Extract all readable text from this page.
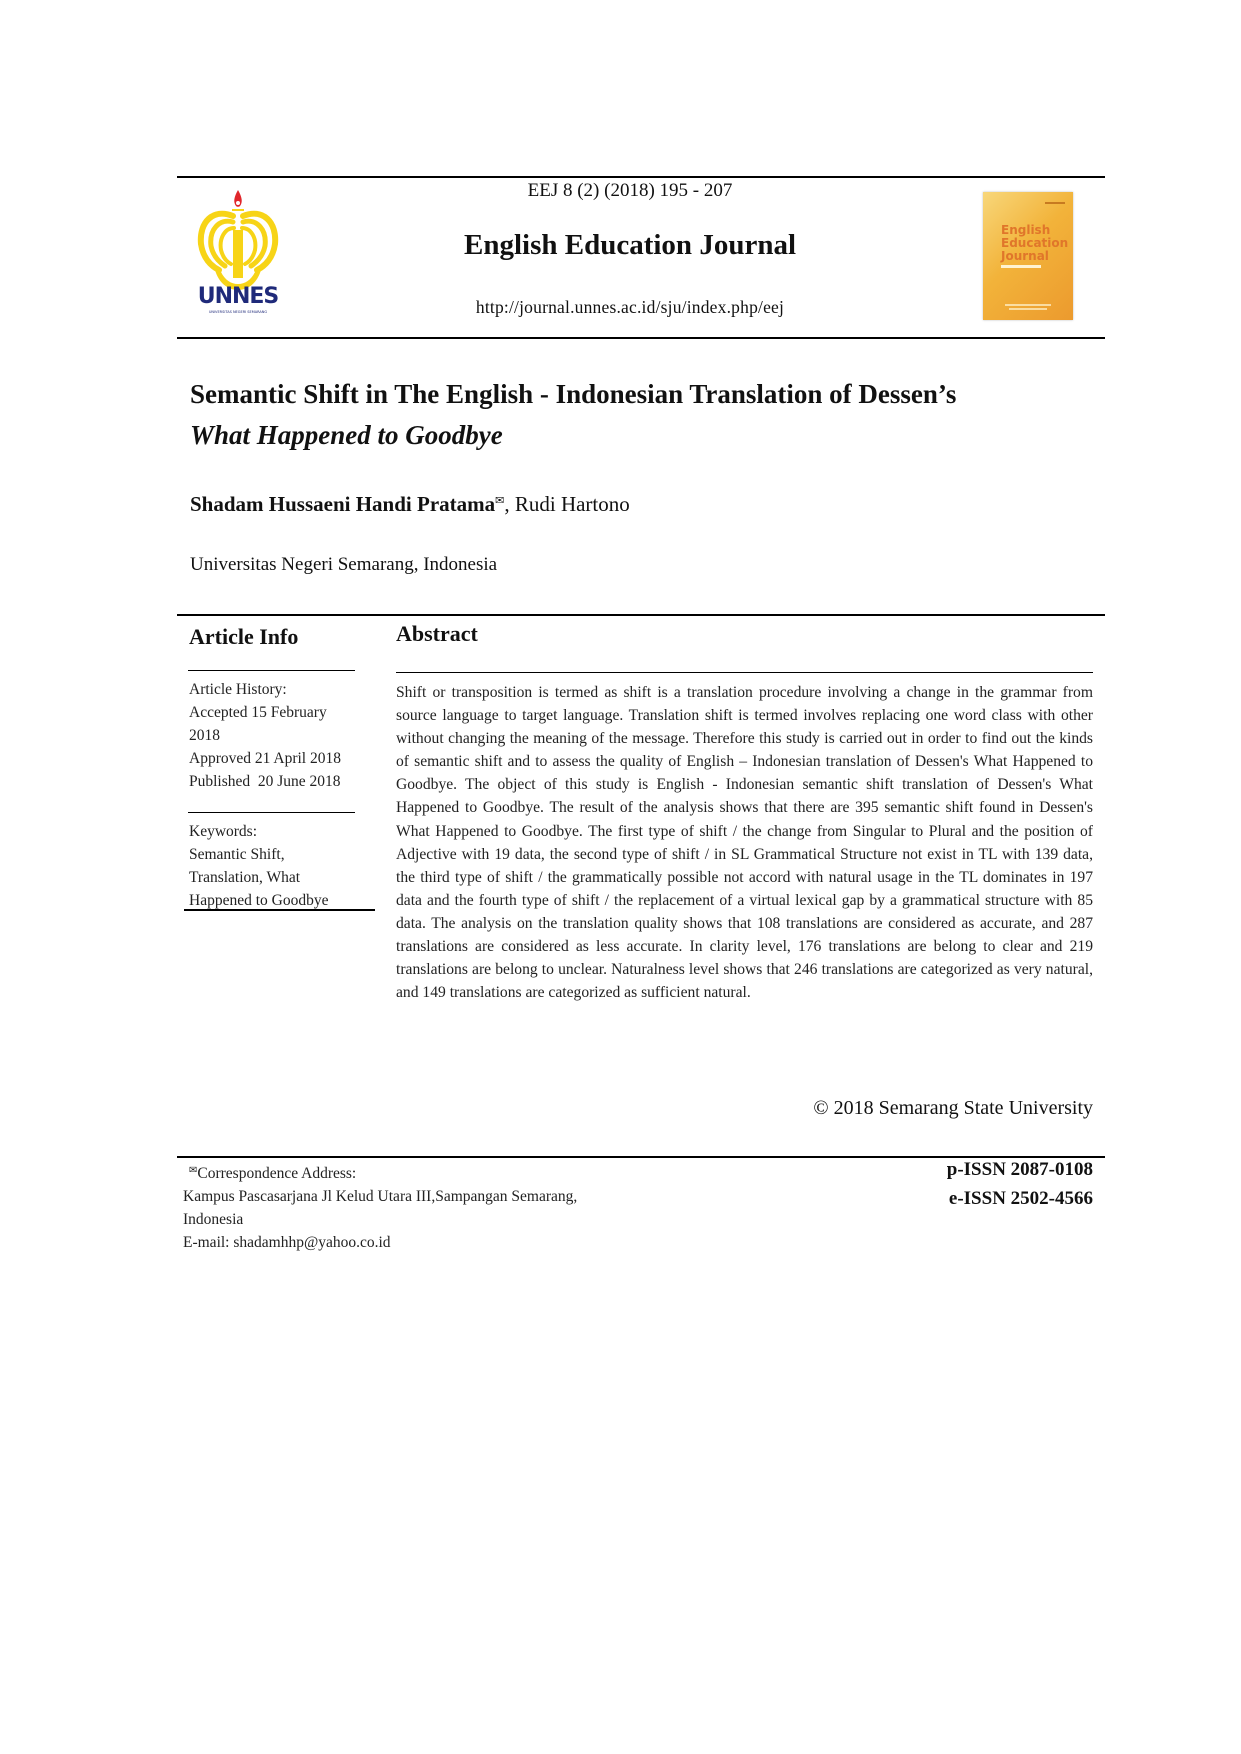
UNNES
UNIVERSITAS NEGERI SEMARANG
EEJ 8 (2) (2018) 195 - 207
English Education Journal
http://journal.unnes.ac.id/sju/index.php/eej
English
Education
Journal
Semantic Shift in The English - Indonesian Translation of Dessen’s
What Happened to Goodbye
Shadam Hussaeni Handi Pratama✉, Rudi Hartono
Universitas Negeri Semarang, Indonesia
Article Info
Article History:
Accepted 15 February
2018
Approved 21 April 2018
Published  20 June 2018
Keywords:
Semantic Shift,
Translation, What
Happened to Goodbye
Abstract
Shift or transposition is termed as shift is a translation procedure involving a change in the grammar from source language to target language. Translation shift is termed involves replacing one word class with other without changing the meaning of the message. Therefore this study is carried out in order to find out the kinds of semantic shift and to assess the quality of English – Indonesian translation of Dessen's What Happened to Goodbye. The object of this study is English - Indonesian semantic shift translation of Dessen's What Happened to Goodbye. The result of the analysis shows that there are 395 semantic shift found in Dessen's What Happened to Goodbye. The first type of shift / the change from Singular to Plural and the position of Adjective with 19 data, the second type of shift / in SL Grammatical Structure not exist in TL with 139 data, the third type of shift / the grammatically possible not accord with natural usage in the TL dominates in 197 data and the fourth type of shift / the replacement of a virtual lexical gap by a grammatical structure with 85 data. The analysis on the translation quality shows that 108 translations are considered as accurate, and 287 translations are considered as less accurate. In clarity level, 176 translations are belong to clear and 219 translations are belong to unclear. Naturalness level shows that 246 translations are categorized as very natural, and 149 translations are categorized as sufficient natural.
© 2018 Semarang State University
✉Correspondence Address:
Kampus Pascasarjana Jl Kelud Utara III,Sampangan Semarang,
Indonesia
E-mail: shadamhhp@yahoo.co.id
p-ISSN 2087-0108
e-ISSN 2502-4566
